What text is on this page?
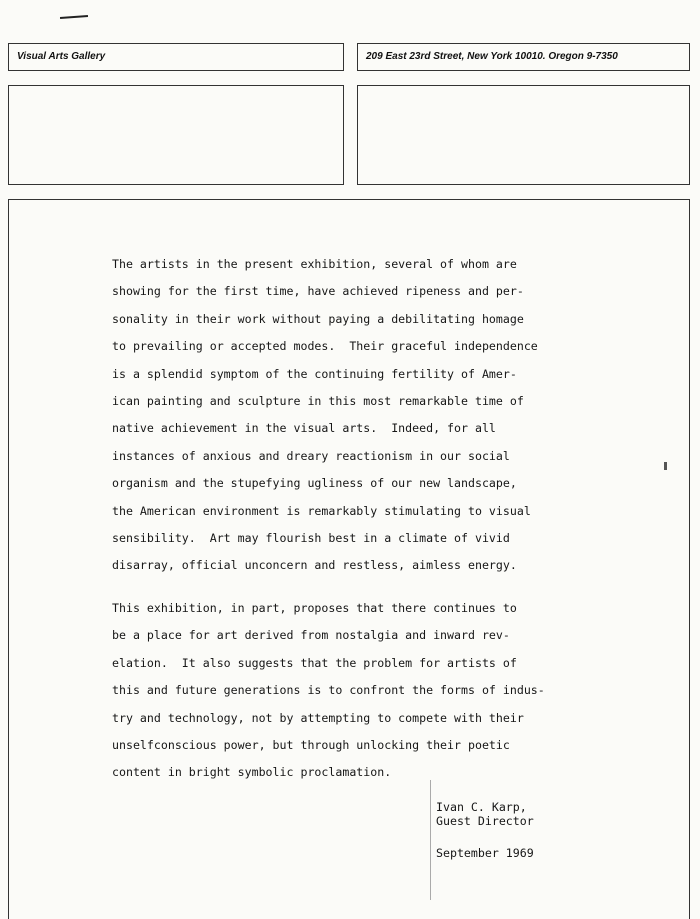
Visual Arts Gallery	209 East 23rd Street, New York 10010. Oregon 9-7350

The artists in the present exhibition, several of whom are
showing for the first time, have achieved ripeness and per-
sonality in their work without paying a debilitating homage
to prevailing or accepted modes.  Their graceful independence
is a splendid symptom of the continuing fertility of Amer-
ican painting and sculpture in this most remarkable time of
native achievement in the visual arts.  Indeed, for all
instances of anxious and dreary reactionism in our social
organism and the stupefying ugliness of our new landscape,
the American environment is remarkably stimulating to visual
sensibility.  Art may flourish best in a climate of vivid
disarray, official unconcern and restless, aimless energy.

This exhibition, in part, proposes that there continues to
be a place for art derived from nostalgia and inward rev-
elation.  It also suggests that the problem for artists of
this and future generations is to confront the forms of indus-
try and technology, not by attempting to compete with their
unselfconscious power, but through unlocking their poetic
content in bright symbolic proclamation.

Ivan C. Karp,
Guest Director
September 1969
